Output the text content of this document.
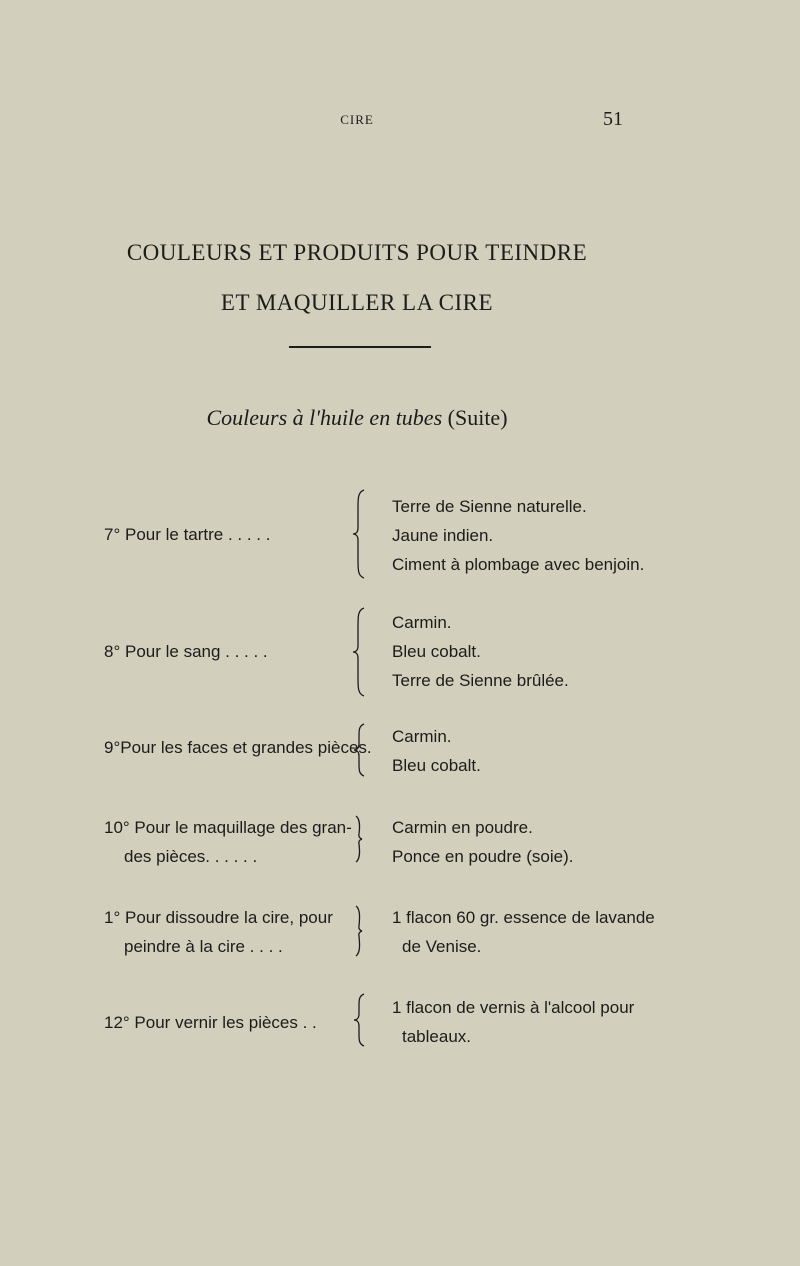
CIRE	51
COULEURS ET PRODUITS POUR TEINDRE
ET MAQUILLER LA CIRE
Couleurs à l'huile en tubes (Suite)
7° Pour le tartre . . . . .
Terre de Sienne naturelle.
Jaune indien.
Ciment à plombage avec benjoin.
8° Pour le sang . . . . .
Carmin.
Bleu cobalt.
Terre de Sienne brûlée.
9°Pour les faces et grandes pièces.
Carmin.
Bleu cobalt.
10° Pour le maquillage des gran-
des pièces. . . . . .
Carmin en poudre.
Ponce en poudre (soie).
1° Pour dissoudre la cire, pour
peindre à la cire . . . .
1 flacon 60 gr. essence de lavande
de Venise.
12° Pour vernir les pièces . .
1 flacon de vernis à l'alcool pour
tableaux.
